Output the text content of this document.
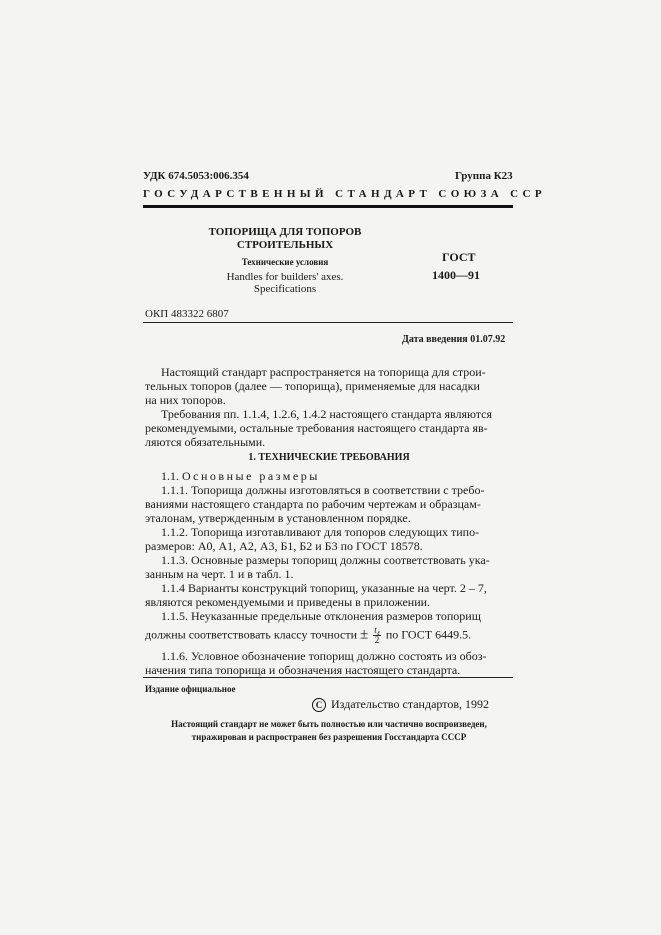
УДК 674.5053:006.354	Группа К23
ГОСУДАРСТВЕННЫЙ СТАНДАРТ СОЮЗА ССР
ТОПОРИЩА ДЛЯ ТОПОРОВ
СТРОИТЕЛЬНЫХ
Технические условия
Handles for builders' axes.
Specifications
ГОСТ
1400—91
ОКП 483322 6807
Дата введения 01.07.92

Настоящий стандарт распространяется на топорища для строи-

тельных топоров (далее — топорища), применяемые для насадки

на них топоров.

Требования пп. 1.1.4, 1.2.6, 1.4.2 настоящего стандарта являются

рекомендуемыми, остальные требования настоящего стандарта яв-

ляются обязательными.

1. ТЕХНИЧЕСКИЕ ТРЕБОВАНИЯ

1.1. Основные размеры

1.1.1. Топорища должны изготовляться в соответствии с требо-

ваниями настоящего стандарта по рабочим чертежам и образцам-

эталонам, утвержденным в установленном порядке.

1.1.2. Топорища изготавливают для топоров следующих типо-

размеров: А0, А1, А2, А3, Б1, Б2 и Б3 по ГОСТ 18578.

1.1.3. Основные размеры топорищ должны соответствовать ука-

занным на черт. 1 и в табл. 1.

1.1.4 Варианты конструкций топорищ, указанные на черт. 2 – 7,

являются рекомендуемыми и приведены в приложении.

1.1.5. Неуказанные предельные отклонения размеров топорищ

должны соответствовать классу точности ± $\frac{\text{t₄}}{2}$ по ГОСТ 6449.5.

1.1.6. Условное обозначение топорищ должно состоять из обоз-

начения типа топорища и обозначения настоящего стандарта.

Издание официальное
С Издательство стандартов, 1992
Настоящий стандарт не может быть полностью или частично воспроизведен,
тиражирован и распространен без разрешения Госстандарта СССР
